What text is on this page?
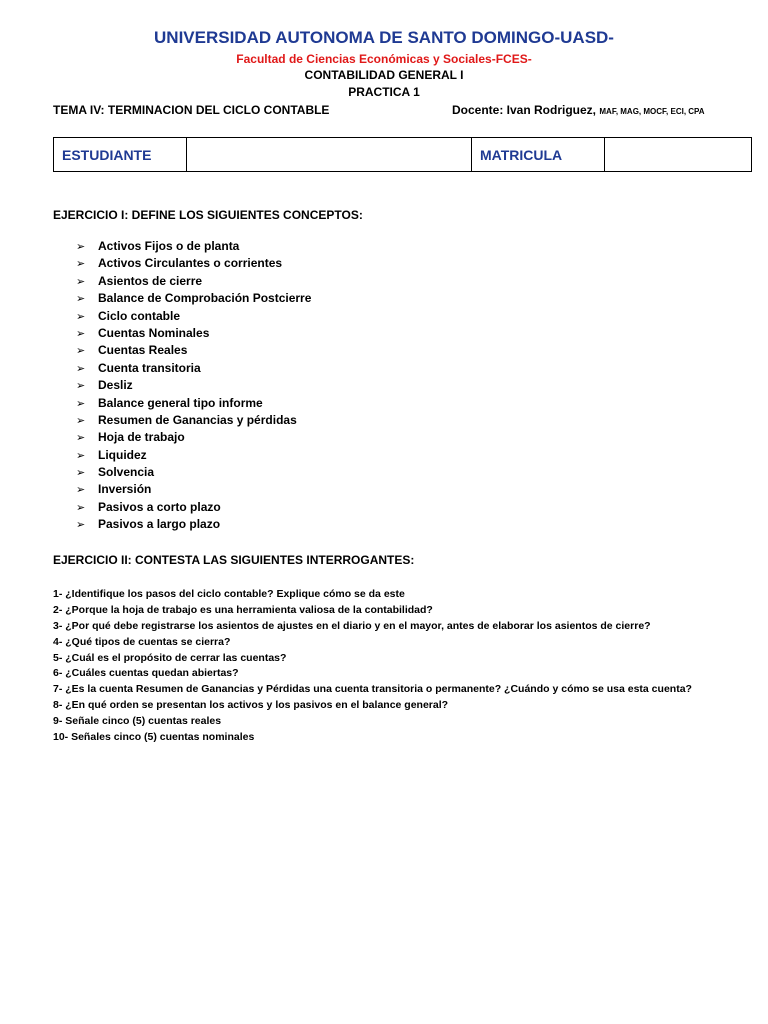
UNIVERSIDAD AUTONOMA DE SANTO DOMINGO-UASD-
Facultad de Ciencias Económicas y Sociales-FCES-
CONTABILIDAD GENERAL I
PRACTICA 1
TEMA IV: TERMINACION DEL CICLO CONTABLE	Docente: Ivan Rodriguez, MAF, MAG, MOCF, ECI, CPA
ESTUDIANTE		MATRICULA	
EJERCICIO I: DEFINE LOS SIGUIENTES CONCEPTOS:
➢ Activos Fijos o de planta
➢ Activos Circulantes o corrientes
➢ Asientos de cierre
➢ Balance de Comprobación Postcierre
➢ Ciclo contable
➢ Cuentas Nominales
➢ Cuentas Reales
➢ Cuenta transitoria
➢ Desliz
➢ Balance general tipo informe
➢ Resumen de Ganancias y pérdidas
➢ Hoja de trabajo
➢ Liquidez
➢ Solvencia
➢ Inversión
➢ Pasivos a corto plazo
➢ Pasivos a largo plazo
EJERCICIO II: CONTESTA LAS SIGUIENTES INTERROGANTES:
1- ¿Identifique los pasos del ciclo contable? Explique cómo se da este
2- ¿Porque la hoja de trabajo es una herramienta valiosa de la contabilidad?
3- ¿Por qué debe registrarse los asientos de ajustes en el diario y en el mayor, antes de elaborar los asientos de cierre?
4- ¿Qué tipos de cuentas se cierra?
5- ¿Cuál es el propósito de cerrar las cuentas?
6- ¿Cuáles cuentas quedan abiertas?
7- ¿Es la cuenta Resumen de Ganancias y Pérdidas una cuenta transitoria o permanente? ¿Cuándo y cómo se usa esta cuenta?
8- ¿En qué orden se presentan los activos y los pasivos en el balance general?
9- Señale cinco (5) cuentas reales
10- Señales cinco (5) cuentas nominales
